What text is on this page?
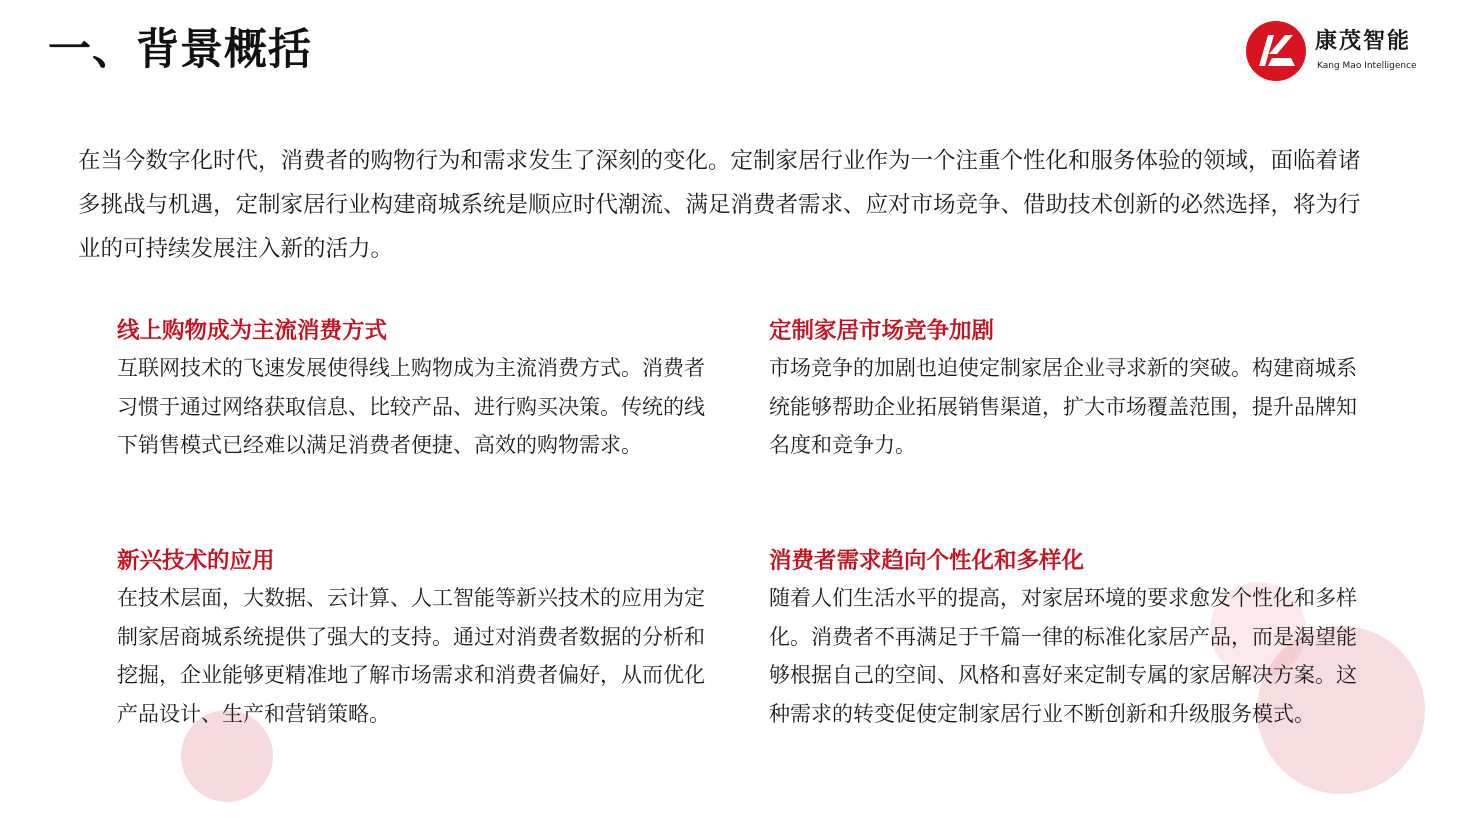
一、背景概括	康茂智能
Kang Mao Intelligence

在当今数字化时代，消费者的购物行为和需求发生了深刻的变化。定制家居行业作为一个注重个性化和服务体验的领域，面临着诸多挑战与机遇，定制家居行业构建商城系统是顺应时代潮流、满足消费者需求、应对市场竞争、借助技术创新的必然选择，将为行业的可持续发展注入新的活力。

线上购物成为主流消费方式

互联网技术的飞速发展使得线上购物成为主流消费方式。消费者习惯于通过网络获取信息、比较产品、进行购买决策。传统的线下销售模式已经难以满足消费者便捷、高效的购物需求。

定制家居市场竞争加剧

市场竞争的加剧也迫使定制家居企业寻求新的突破。构建商城系统能够帮助企业拓展销售渠道，扩大市场覆盖范围，提升品牌知名度和竞争力。

新兴技术的应用

在技术层面，大数据、云计算、人工智能等新兴技术的应用为定制家居商城系统提供了强大的支持。通过对消费者数据的分析和挖掘，企业能够更精准地了解市场需求和消费者偏好，从而优化产品设计、生产和营销策略。

消费者需求趋向个性化和多样化

随着人们生活水平的提高，对家居环境的要求愈发个性化和多样化。消费者不再满足于千篇一律的标准化家居产品，而是渴望能够根据自己的空间、风格和喜好来定制专属的家居解决方案。这种需求的转变促使定制家居行业不断创新和升级服务模式。
